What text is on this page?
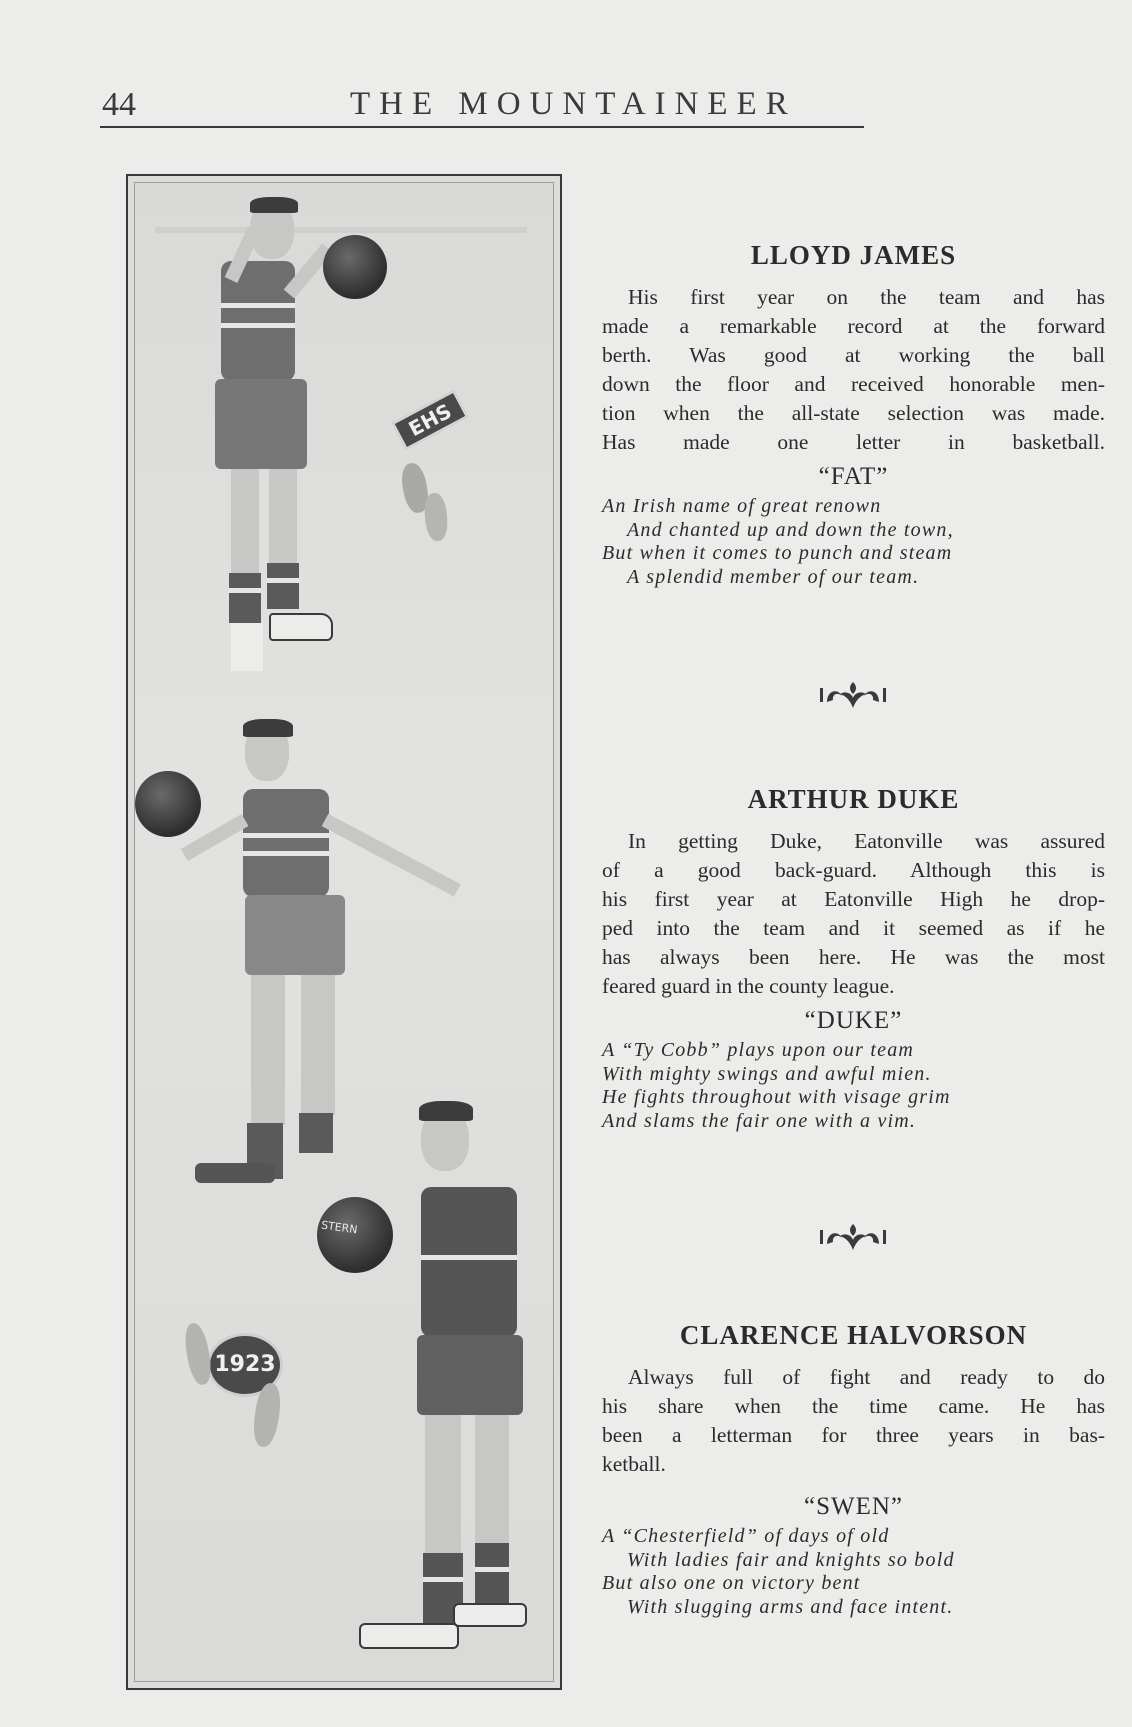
44	THE MOUNTAINEER
EHS
STERN
1923
LLOYD JAMES
His first year on the team and has
made a remarkable record at the forward
berth. Was good at working the ball
down the floor and received honorable men-
tion when the all-state selection was made.
Has made one letter in basketball.
“FAT”
An Irish name of great renown
And chanted up and down the town,
But when it comes to punch and steam
A splendid member of our team.
ARTHUR DUKE
In getting Duke, Eatonville was assured
of a good back-guard. Although this is
his first year at Eatonville High he drop-
ped into the team and it seemed as if he
has always been here. He was the most
feared guard in the county league.
“DUKE”
A “Ty Cobb” plays upon our team
With mighty swings and awful mien.
He fights throughout with visage grim
And slams the fair one with a vim.
CLARENCE HALVORSON
Always full of fight and ready to do
his share when the time came. He has
been a letterman for three years in bas-
ketball.
“SWEN”
A “Chesterfield” of days of old
With ladies fair and knights so bold
But also one on victory bent
With slugging arms and face intent.
